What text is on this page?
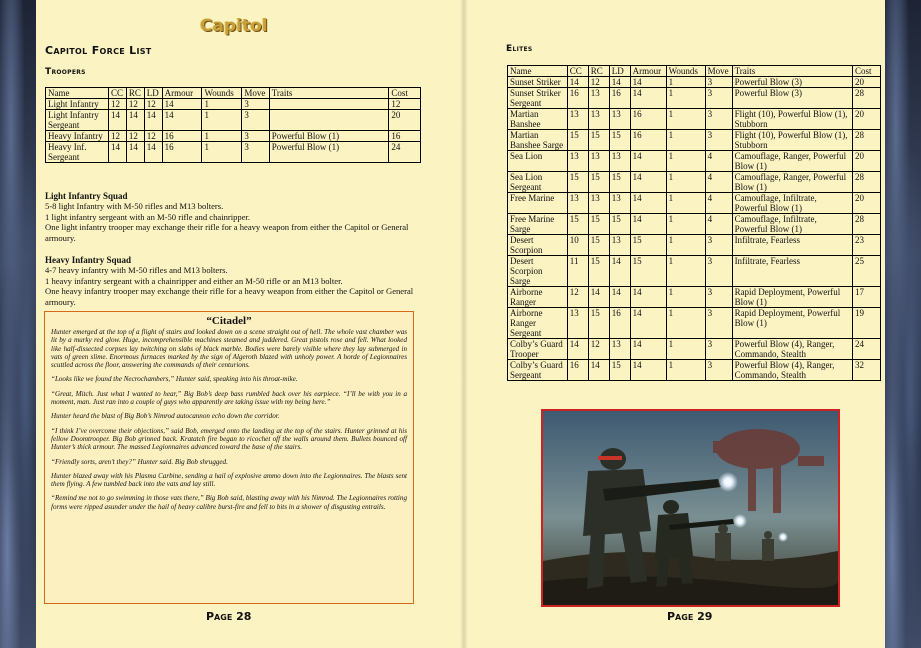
Capitol
Capitol Force List
Troopers
Name	CC	RC	LD	Armour	Wounds	Move	Traits	Cost
Light Infantry	12	12	12	14	1	3		12
Light Infantry Sergeant	14	14	14	14	1	3		20
Heavy Infantry	12	12	12	16	1	3	Powerful Blow (1)	16
Heavy Inf. Sergeant	14	14	14	16	1	3	Powerful Blow (1)	24
Light Infantry Squad
5-8 light Infantry with M-50 rifles and M13 bolters.
1 light infantry sergeant with an M-50 rifle and chainripper.
One light infantry trooper may exchange their rifle for a heavy weapon from either the Capitol or General armoury.
Heavy Infantry Squad
4-7 heavy infantry with M-50 rifles and M13 bolters.
1 heavy infantry sergeant with a chainripper and either an M-50 rifle or an M13 bolter.
One heavy infantry trooper may exchange their rifle for a heavy weapon from either the Capitol or General armoury.
“Citadel”

Hunter emerged at the top of a flight of stairs and looked down on a scene straight out of hell. The whole vast chamber was lit by a murky red glow. Huge, incomprehensible machines steamed and juddered. Great pistols rose and fell. What looked like half-dissected corpses lay twitching on slabs of black marble. Bodies were barely visible where they lay submerged in vats of green slime. Enormous furnaces marked by the sign of Algeroth blazed with unholy power. A horde of Legionnaires scuttled across the floor, answering the commands of their centurions.

“Looks like we found the Necrochambers,” Hunter said, speaking into his throat-mike.

“Great, Mitch. Just what I wanted to hear,” Big Bob’s deep bass rumbled back over his earpiece. “I’ll be with you in a moment, man. Just ran into a couple of guys who apparently are taking issue with my being here.”

Hunter heard the blast of Big Bob’s Nimrod autocannon echo down the corridor.

“I think I’ve overcome their objections,” said Bob, emerged onto the landing at the top of the stairs. Hunter grinned at his fellow Doomtrooper. Big Bob grinned back. Kratatch fire began to ricochet off the walls around them. Bullets bounced off Hunter’s thick armour. The massed Legionnaires advanced toward the base of the stairs.

“Friendly sorts, aren’t they?” Hunter said. Big Bob shrugged.

Hunter blazed away with his Plasma Carbine, sending a hail of explosive ammo down into the Legionnaires. The blasts sent them flying. A few tumbled back into the vats and lay still.

“Remind me not to go swimming in those vats there,” Big Bob said, blasting away with his Nimrod. The Legionnaires rotting forms were ripped asunder under the hail of heavy calibre burst-fire and fell to bits in a shower of disgusting entrails.

Page 28
Elites
Name	CC	RC	LD	Armour	Wounds	Move	Traits	Cost
Sunset Striker	14	12	14	14	1	3	Powerful Blow (3)	20
Sunset Striker Sergeant	16	13	16	14	1	3	Powerful Blow (3)	28
Martian Banshee	13	13	13	16	1	3	Flight (10), Powerful Blow (1), Stubborn	20
Martian Banshee Sarge	15	15	15	16	1	3	Flight (10), Powerful Blow (1), Stubborn	28
Sea Lion	13	13	13	14	1	4	Camouflage, Ranger, Powerful Blow (1)	20
Sea Lion Sergeant	15	15	15	14	1	4	Camouflage, Ranger, Powerful Blow (1)	28
Free Marine	13	13	13	14	1	4	Camouflage, Infiltrate, Powerful Blow (1)	20
Free Marine Sarge	15	15	15	14	1	4	Camouflage, Infiltrate, Powerful Blow (1)	28
Desert Scorpion	10	15	13	15	1	3	Infiltrate, Fearless	23
Desert Scorpion Sarge	11	15	14	15	1	3	Infiltrate, Fearless	25
Airborne Ranger	12	14	14	14	1	3	Rapid Deployment, Powerful Blow (1)	17
Airborne Ranger Sergeant	13	15	16	14	1	3	Rapid Deployment, Powerful Blow (1)	19
Colby’s Guard Trooper	14	12	13	14	1	3	Powerful Blow (4), Ranger, Commando, Stealth	24
Colby’s Guard Sergeant	16	14	15	14	1	3	Powerful Blow (4), Ranger, Commando, Stealth	32
Page 29
